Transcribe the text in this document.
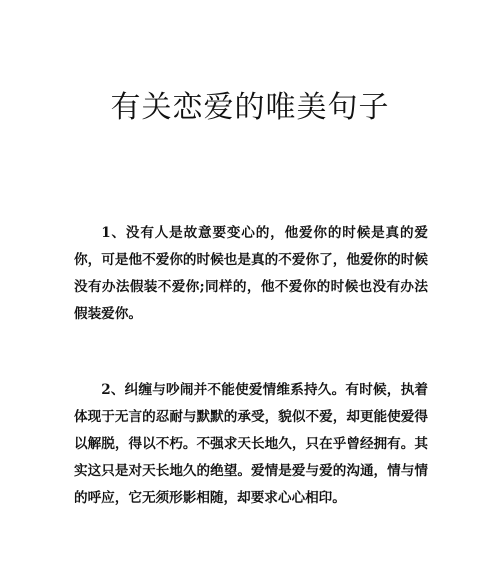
有关恋爱的唯美句子

1、没有人是故意要变心的，他爱你的时候是真的爱你，可是他不爱你的时候也是真的不爱你了，他爱你的时候没有办法假装不爱你;同样的，他不爱你的时候也没有办法假装爱你。

2、纠缠与吵闹并不能使爱情维系持久。有时候，执着体现于无言的忍耐与默默的承受，貌似不爱，却更能使爱得以解脱，得以不朽。不强求天长地久，只在乎曾经拥有。其实这只是对天长地久的绝望。爱情是爱与爱的沟通，情与情的呼应，它无须形影相随，却要求心心相印。
